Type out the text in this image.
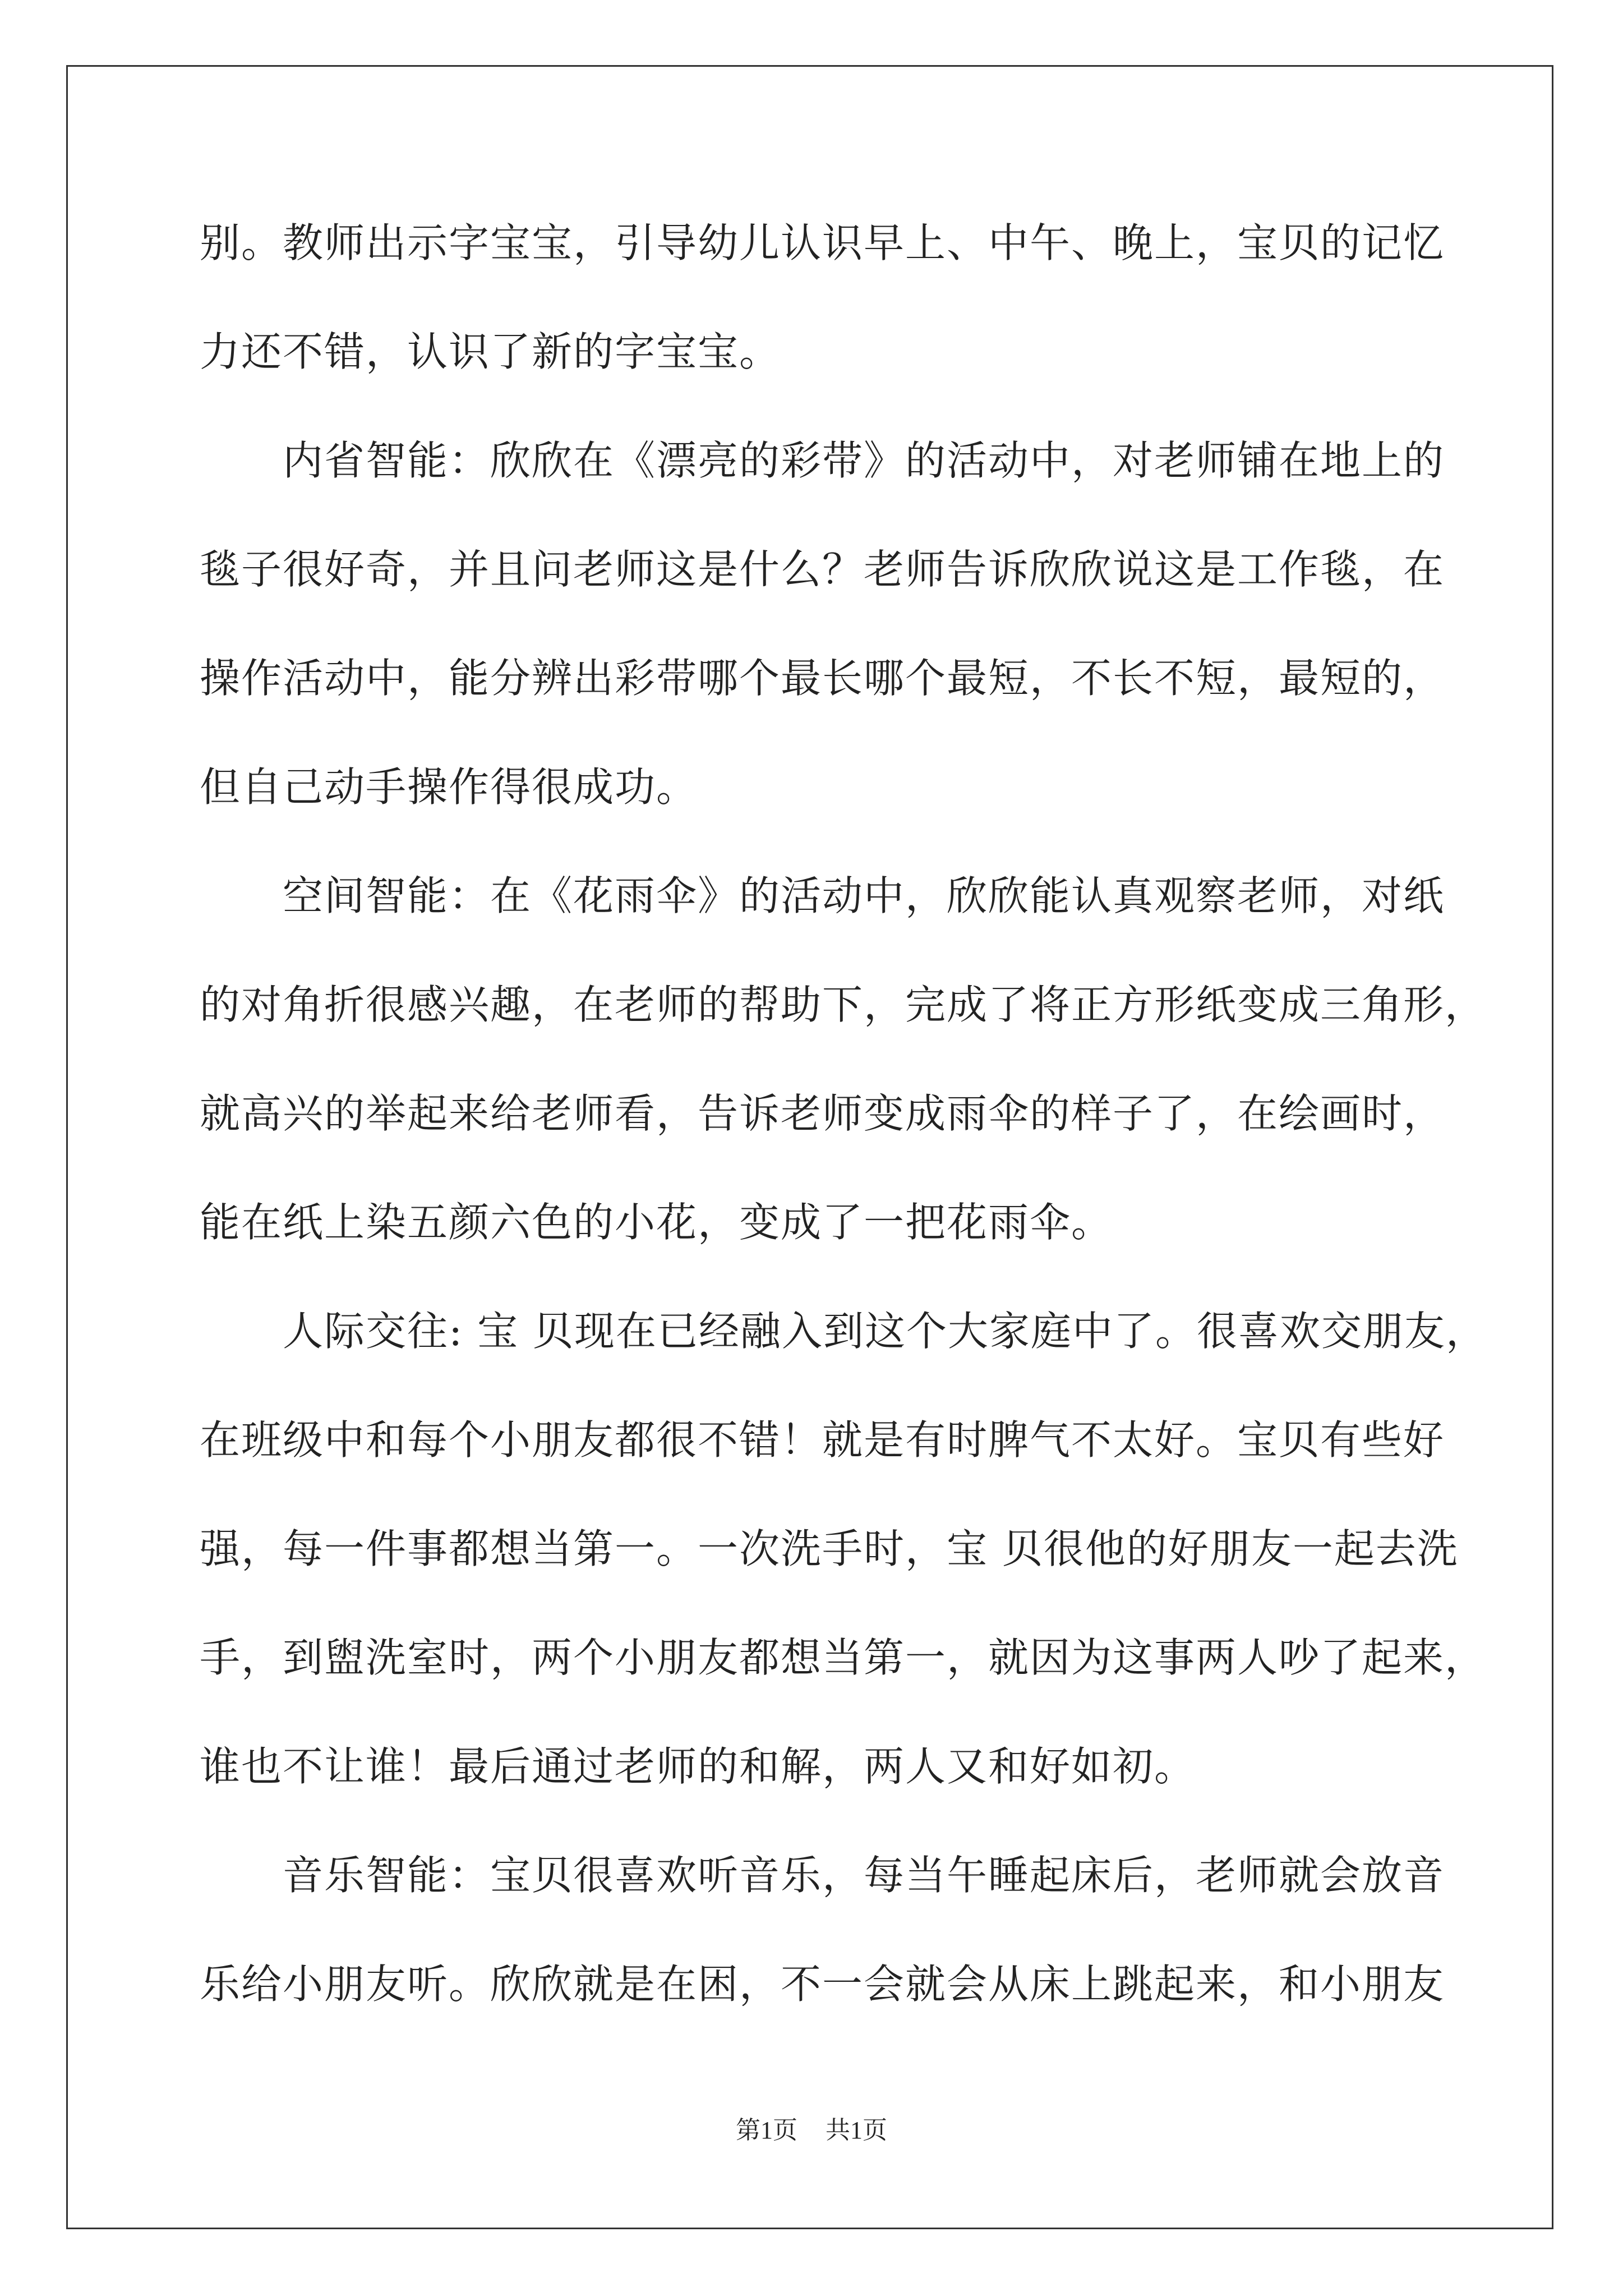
别。教师出示字宝宝，引导幼儿认识早上、中午、晚上，宝贝的记忆
力还不错，认识了新的字宝宝。
内省智能：欣欣在《漂亮的彩带》的活动中，对老师铺在地上的
毯子很好奇，并且问老师这是什么？老师告诉欣欣说这是工作毯，在
操作活动中，能分辨出彩带哪个最长哪个最短，不长不短，最短的，
但自己动手操作得很成功。
空间智能：在《花雨伞》的活动中，欣欣能认真观察老师，对纸
的对角折很感兴趣，在老师的帮助下，完成了将正方形纸变成三角形，
就高兴的举起来给老师看，告诉老师变成雨伞的样子了，在绘画时，
能在纸上染五颜六色的小花，变成了一把花雨伞。
人际交往: 宝 贝现在已经融入到这个大家庭中了。很喜欢交朋友，
在班级中和每个小朋友都很不错！就是有时脾气不太好。宝贝有些好
强，每一件事都想当第一。一次洗手时，宝 贝很他的好朋友一起去洗
手，到盥洗室时，两个小朋友都想当第一，就因为这事两人吵了起来，
谁也不让谁！最后通过老师的和解，两人又和好如初。
音乐智能：宝贝很喜欢听音乐，每当午睡起床后，老师就会放音
乐给小朋友听。欣欣就是在困，不一会就会从床上跳起来，和小朋友
第1页 共1页
